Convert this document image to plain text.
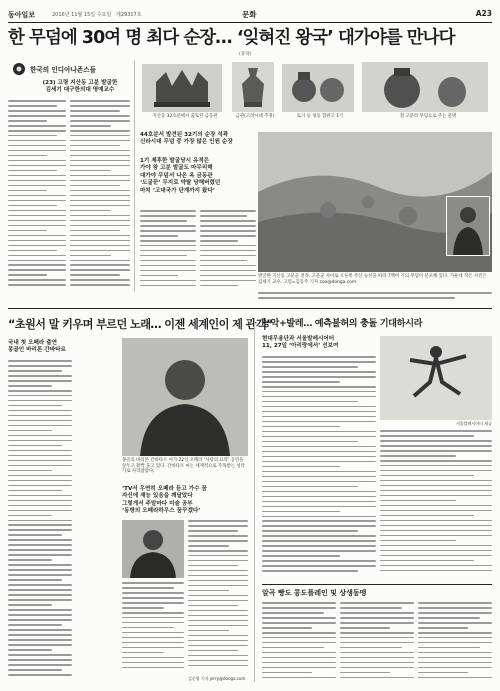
동아일보	2016년 11월 15일 수요일 제29317호	문화	A23
한 무덤에 30여 명 최다 순장… ‘잊혀진 왕국’ 대가야를 만나다
(중략)
한국의 인디아나존스들
(23) 고령 지산동 고분 발굴한
김세기 대구한의대 명예교수
지산동 32호분에서 출토된 금동관	금관(고려시대 추정)	토기 등 청동 합관고 1기	철 고분리 무덤으로 주는 물병
44호분서 발견된 32기의 순장 석곽
신라시대 무덤 중 가장 많은 인원 순장
1기 제후한 발굴당시 유적은
가야 왕 고분 발굴도 마무리해
대가야 무덤서 나온 옥 금동관
‘도굴꾼’ 무지로 약탈 당해버렸던
마치 ‘고대국가 단계까지 왔다’
발굴한 지산동 고분군 전경. 고분군 사이로 오른쪽 주산 능선을 따라 7백여 기의 무덤이 분포해 있다. 가운데 작은 사진은 김세기 교수. 고령=김동주 기자 zoo@donga.com
“초원서 말 키우며 부르던 노래… 이젠 세계인이 제 관객”
국내 첫 오페라 출연
몽골인 바리톤 간바타르
몽골의 바리톤 간바타르 씨가 22일 오페라 ‘사랑의 묘약’ 공연을 앞두고 활짝 웃고 있다. 간바타르 씨는 세계적으로 주목받는 성악가로 자리잡았다.
‘TV서 우연히 오페라 듣고 가수 꿈
자신에 재능 있음을 깨달았다
그렇게서 주말마다 미술 공부
‘동방의 오페라하우스 꿈꾸겠다’
김준엽 기자 jerry@donga.com
능악+발레… 예측불허의 충돌 기대하시라
현대무용단과 서울발레시어터
11, 27일 ‘아리랑에서’ 선보여
서울발레시어터 제공
알곡 빵도 콩도플레인 및 상생동맹
